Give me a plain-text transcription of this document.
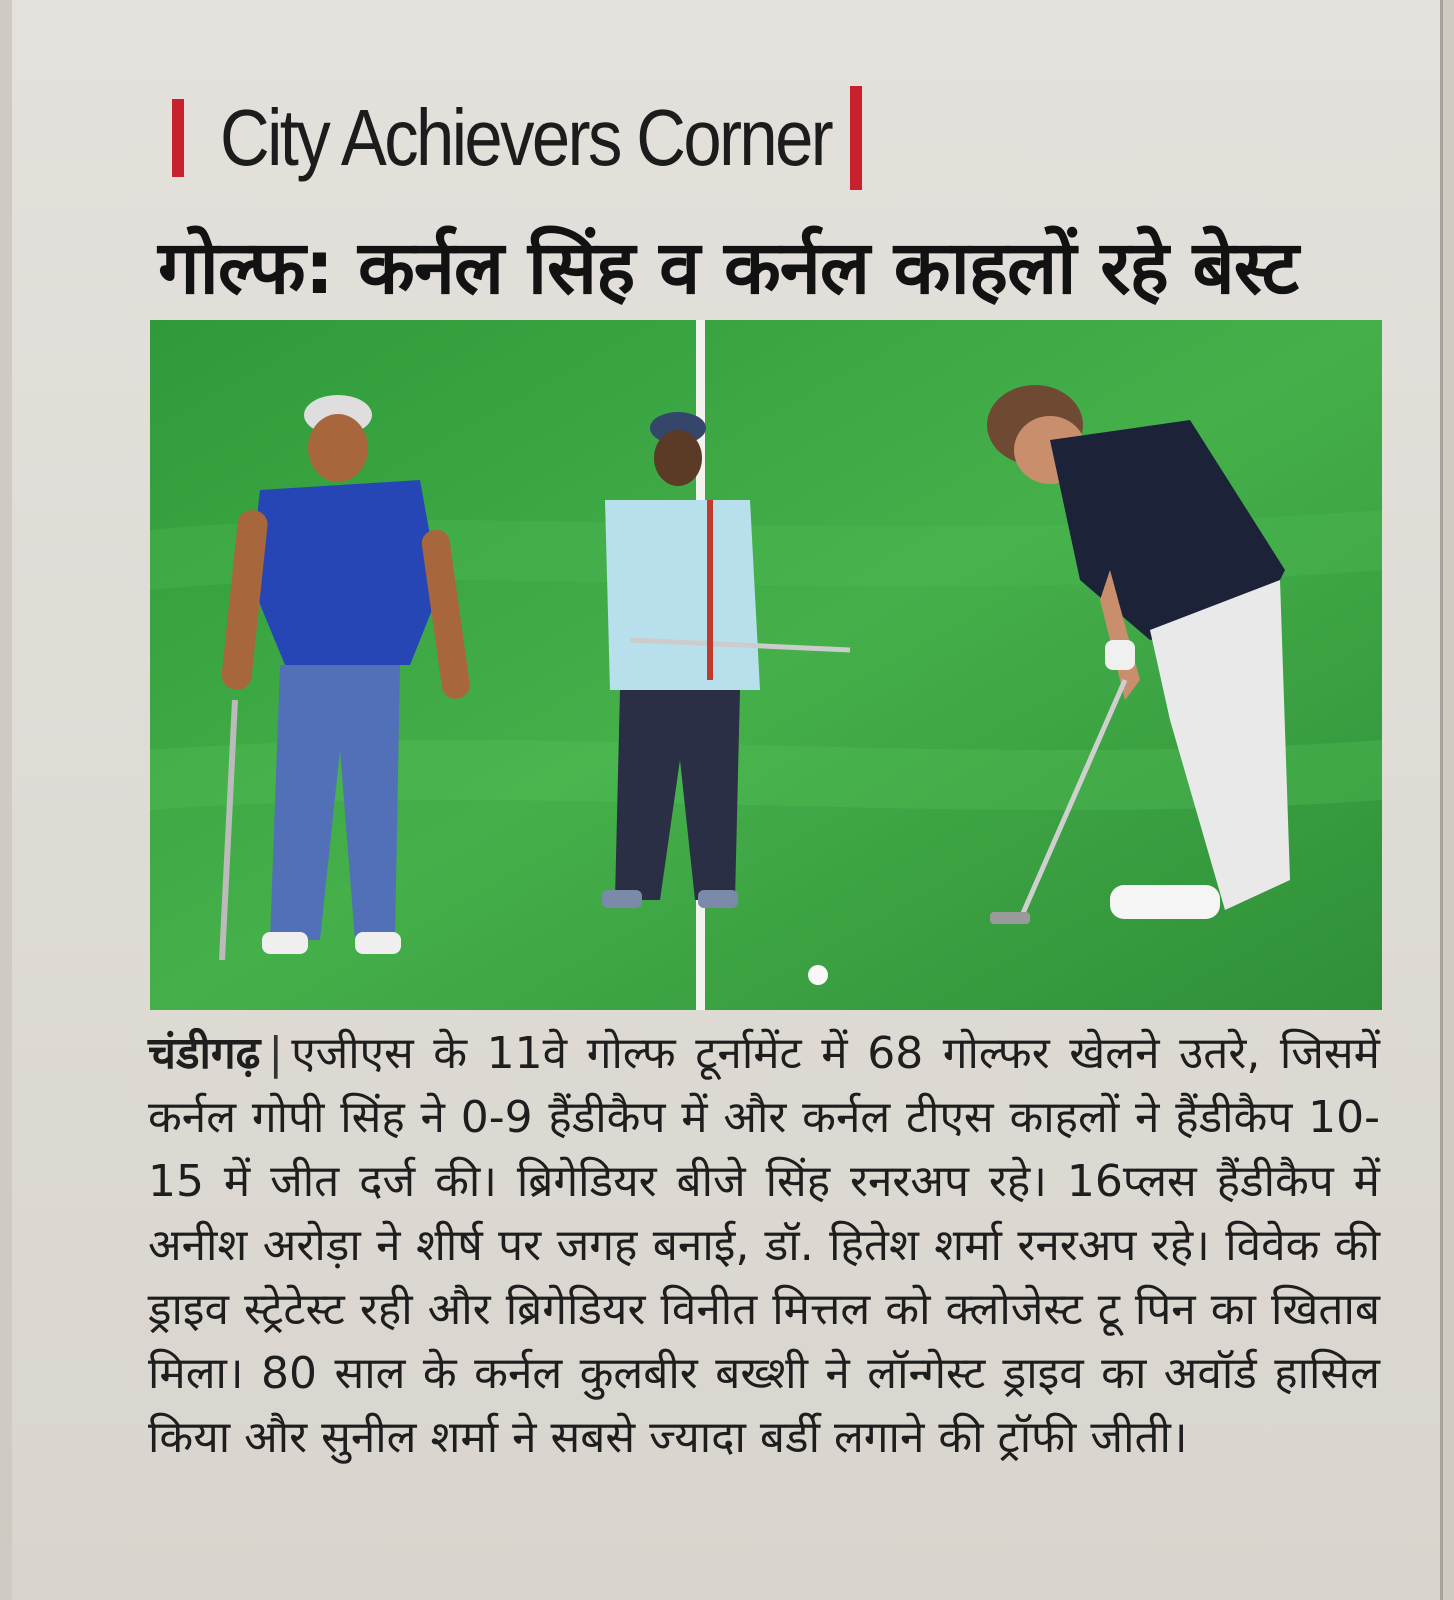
City Achievers Corner
गोल्फ: कर्नल सिंह व कर्नल काहलों रहे बेस्ट
चंडीगढ़ | एजीएस के 11वे गोल्फ टूर्नामेंट में 68 गोल्फर खेलने उतरे, जिसमें कर्नल गोपी सिंह ने 0-9 हैंडीकैप में और कर्नल टीएस काहलों ने हैंडीकैप 10-15 में जीत दर्ज की। ब्रिगेडियर बीजे सिंह रनरअप रहे। 16प्लस हैंडीकैप में अनीश अरोड़ा ने शीर्ष पर जगह बनाई, डॉ. हितेश शर्मा रनरअप रहे। विवेक की ड्राइव स्ट्रेटेस्ट रही और ब्रिगेडियर विनीत मित्तल को क्लोजेस्ट टू पिन का खिताब मिला। 80 साल के कर्नल कुलबीर बख्शी ने लॉन्गेस्ट ड्राइव का अवॉर्ड हासिल किया और सुनील शर्मा ने सबसे ज्यादा बर्डी लगाने की ट्रॉफी जीती।
